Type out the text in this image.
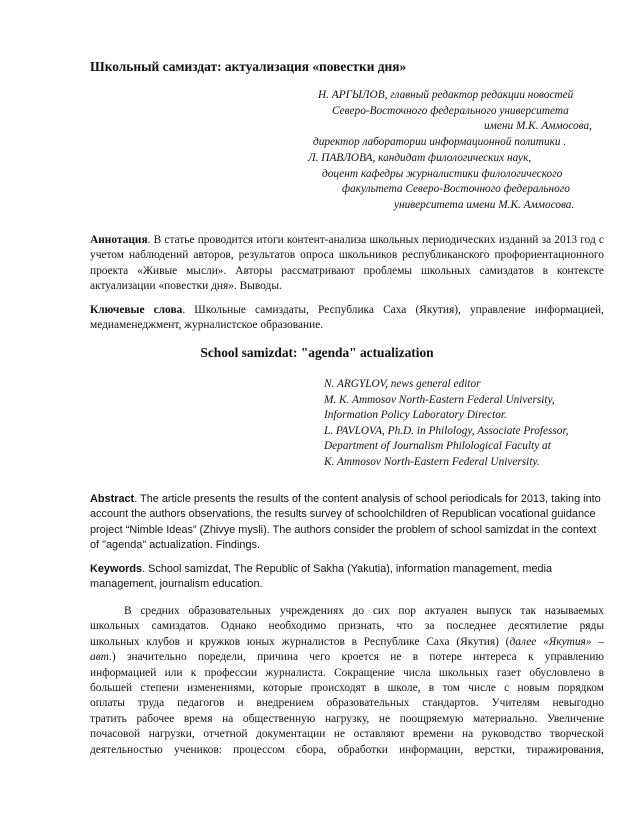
Школьный самиздат: актуализация «повестки дня»
Н. АРГЫЛОВ, главный редактор редакции новостей
Северо-Восточного федерального университета
имени М.К. Аммосова,
директор лаборатории информационной политики .
Л. ПАВЛОВА, кандидат филологических наук,
доцент кафедры журналистики филологического
факультета Северо-Восточного федерального
университета имени М.К. Аммосова.
Аннотация. В статье проводится итоги контент-анализа школьных периодических изданий за 2013 год с учетом наблюдений авторов, результатов опроса школьников республиканского профориентационного проекта «Живые мысли». Авторы рассматривают проблемы школьных самиздатов в контексте актуализации «повестки дня». Выводы.
Ключевые слова. Школьные самиздаты, Республика Саха (Якутия), управление информацией, медиаменеджмент, журналистское образование.
School samizdat: "agenda" actualization
N. ARGYLOV, news general editor
M. K. Ammosov North-Eastern Federal University,
Information Policy Laboratory Director.
L. PAVLOVA, Ph.D. in Philology, Associate Professor,
Department of Journalism Philological Faculty at
K. Ammosov North-Eastern Federal University.
Abstract. The article presents the results of the content analysis of school periodicals for 2013, taking into account the authors observations, the results survey of schoolchildren of Republican vocational guidance project “Nimble Ideas” (Zhivye mysli). The authors consider the problem of school samizdat in the context of "agenda" actualization. Findings.
Keywords. School samizdat, The Republic of Sakha (Yakutia), information management, media management, journalism education.
В средних образовательных учреждениях до сих пор актуален выпуск так называемых
школьных самиздатов. Однако необходимо признать, что за последнее десятилетие ряды
школьных клубов и кружков юных журналистов в Республике Саха (Якутия) (далее «Якутия» –
авт.) значительно поредели, причина чего кроется не в потере интереса к управлению
информацией или к профессии журналиста. Сокращение числа школьных газет обусловлено в
большей степени изменениями, которые происходят в школе, в том числе с новым порядком
оплаты труда педагогов и внедрением образовательных стандартов. Учителям невыгодно
тратить рабочее время на общественную нагрузку, не поощряемую материально. Увеличение
почасовой нагрузки, отчетной документации не оставляют времени на руководство творческой
деятельностью учеников: процессом сбора, обработки информации, верстки, тиражирования,
